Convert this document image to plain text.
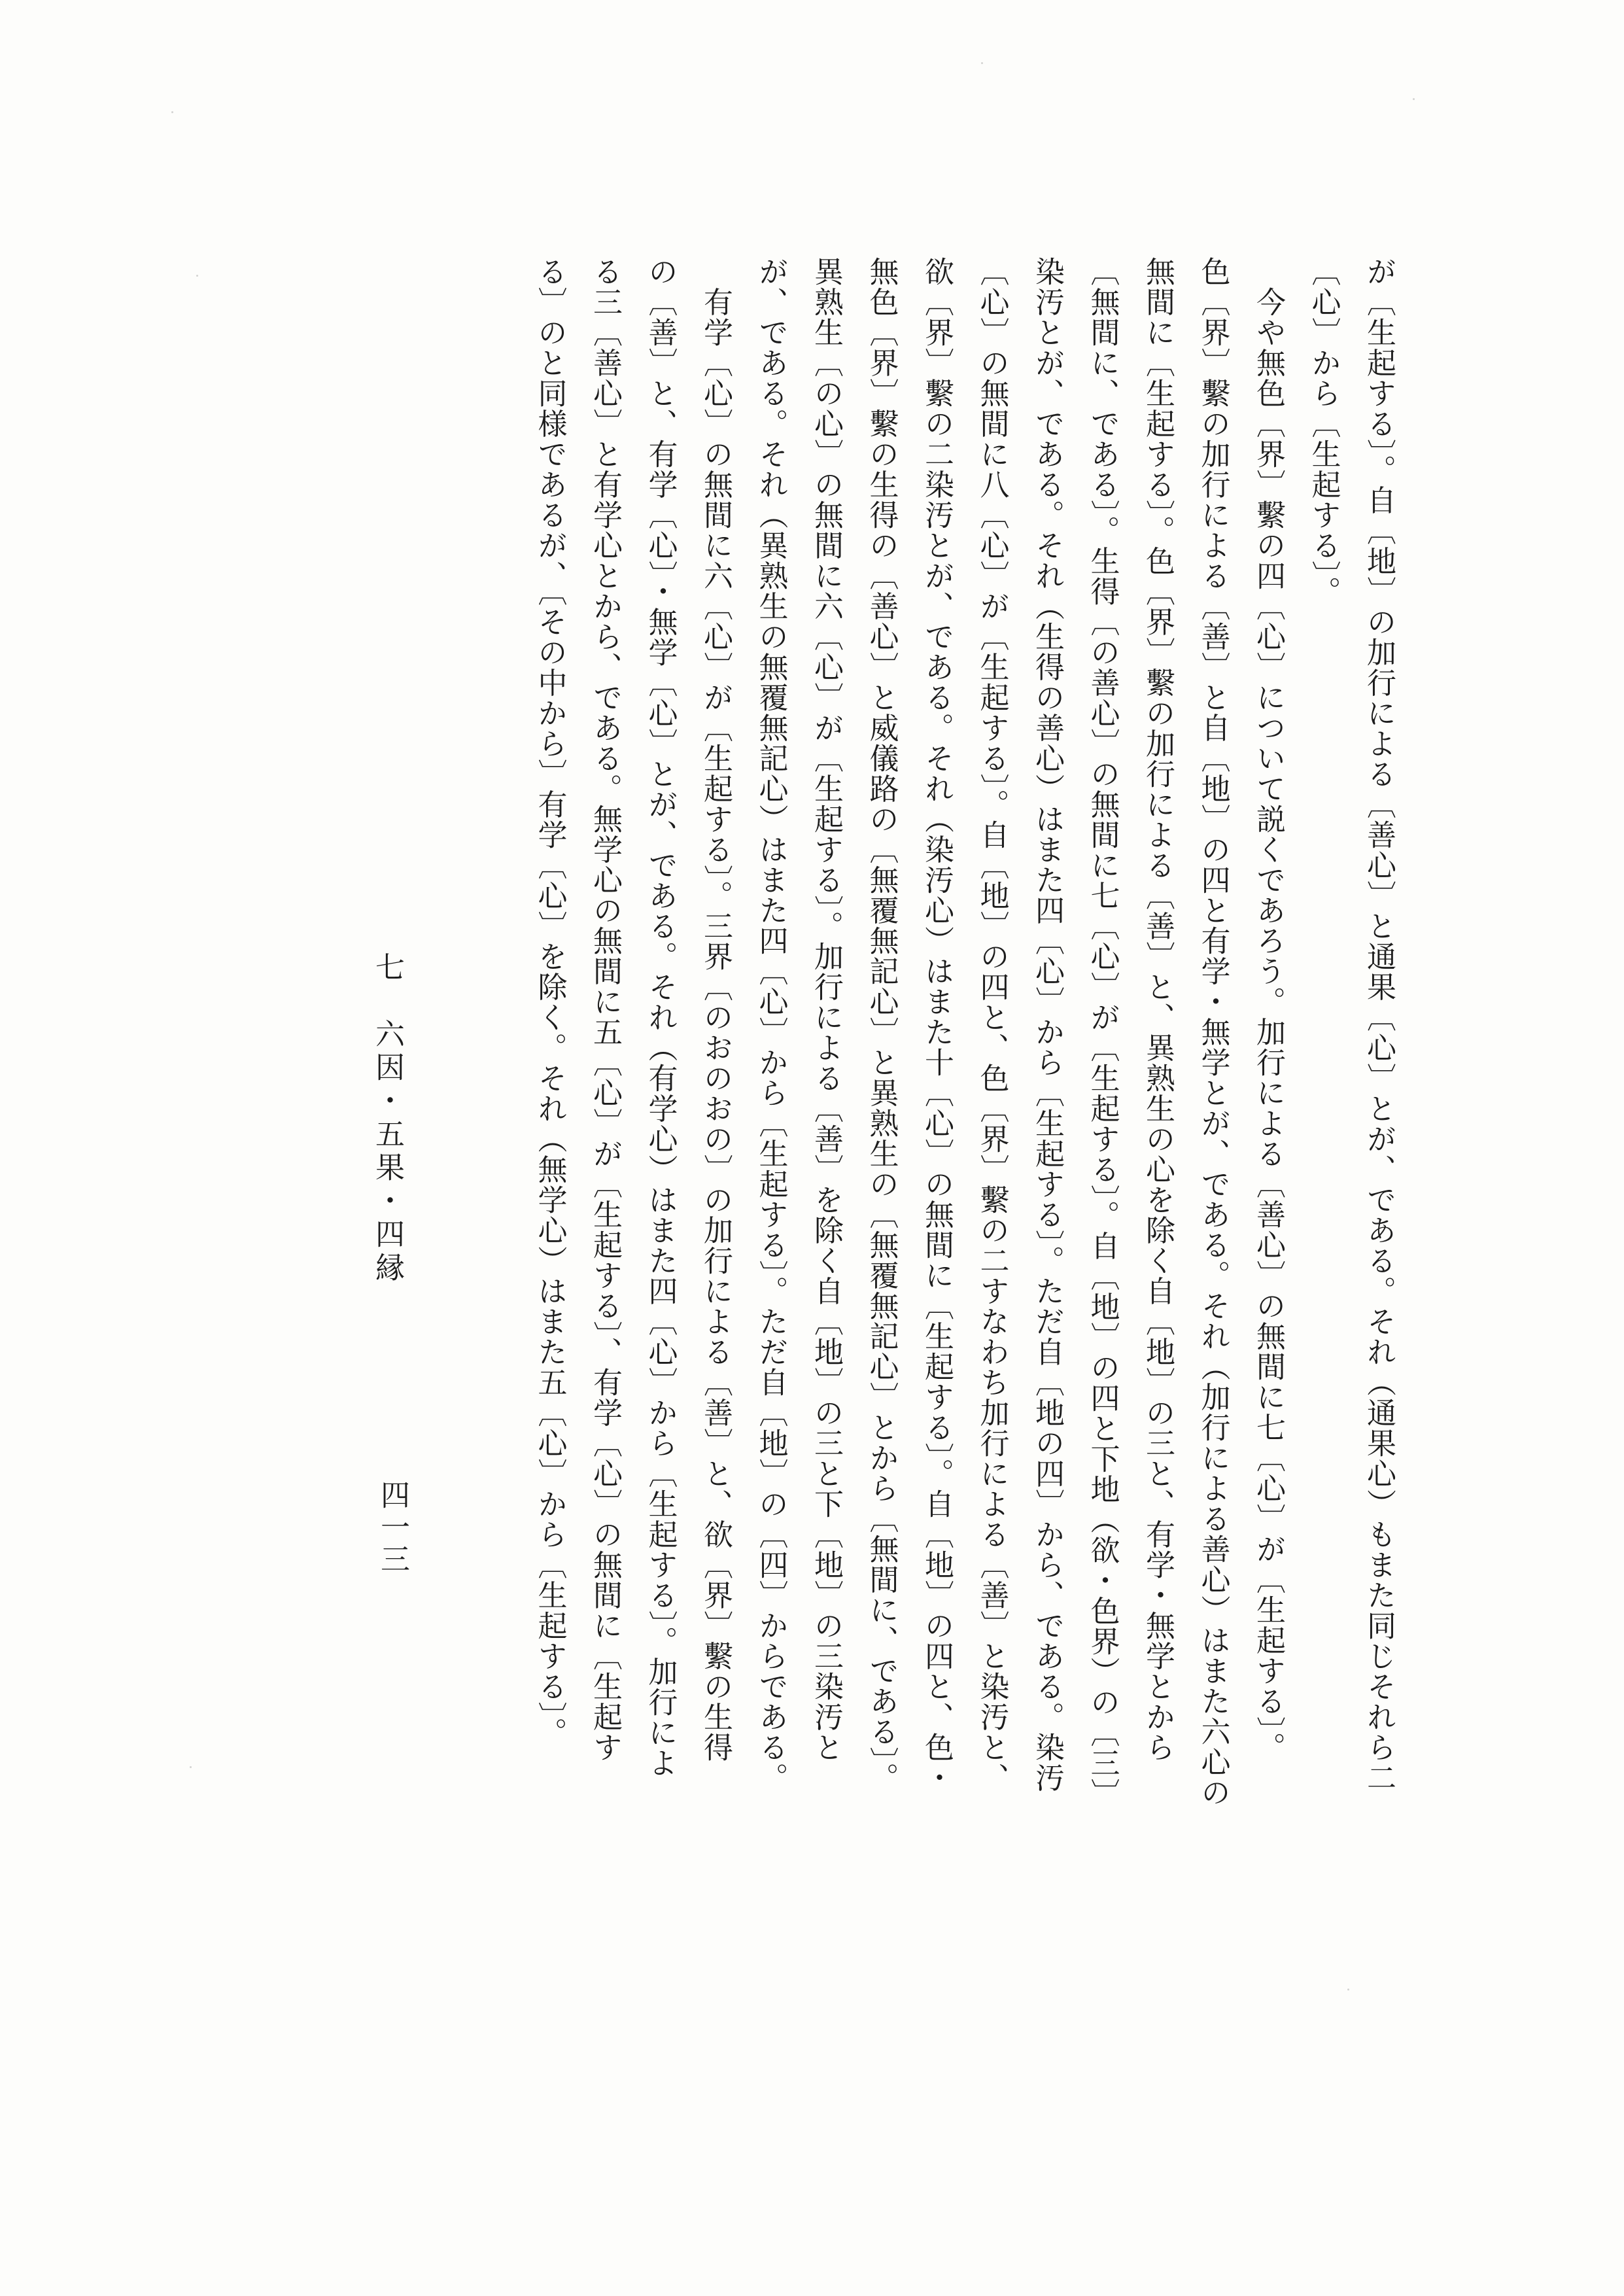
が〔生起する〕。自〔地〕の加行による〔善心〕と通果〔心〕とが、である。それ（通果心）もまた同じそれら二
〔心〕から〔生起する〕。
　今や無色〔界〕繫の四〔心〕について説くであろう。加行による〔善心〕の無間に七〔心〕が〔生起する〕。
色〔界〕繫の加行による〔善〕と自〔地〕の四と有学・無学とが、である。それ（加行による善心）はまた六心の
無間に〔生起する〕。色〔界〕繫の加行による〔善〕と、異熟生の心を除く自〔地〕の三と、有学・無学とから
〔無間に、である〕。生得〔の善心〕の無間に七〔心〕が〔生起する〕。自〔地〕の四と下地（欲・色界）の〔三〕
染汚とが、である。それ（生得の善心）はまた四〔心〕から〔生起する〕。ただ自〔地の四〕から、である。染汚
〔心〕の無間に八〔心〕が〔生起する〕。自〔地〕の四と、色〔界〕繫の二すなわち加行による〔善〕と染汚と、
欲〔界〕繫の二染汚とが、である。それ（染汚心）はまた十〔心〕の無間に〔生起する〕。自〔地〕の四と、色・
無色〔界〕繫の生得の〔善心〕と威儀路の〔無覆無記心〕と異熟生の〔無覆無記心〕とから〔無間に、である〕。
異熟生〔の心〕の無間に六〔心〕が〔生起する〕。加行による〔善〕を除く自〔地〕の三と下〔地〕の三染汚と
が、である。それ（異熟生の無覆無記心）はまた四〔心〕から〔生起する〕。ただ自〔地〕の〔四〕からである。
　有学〔心〕の無間に六〔心〕が〔生起する〕。三界〔のおのおの〕の加行による〔善〕と、欲〔界〕繫の生得
の〔善〕と、有学〔心〕・無学〔心〕とが、である。それ（有学心）はまた四〔心〕から〔生起する〕。加行によ
る三〔善心〕と有学心とから、である。無学心の無間に五〔心〕が〔生起する〕、有学〔心〕の無間に〔生起す
る〕のと同様であるが、〔その中から〕有学〔心〕を除く。それ（無学心）はまた五〔心〕から〔生起する〕。
七　六因・五果・四縁
四一三
